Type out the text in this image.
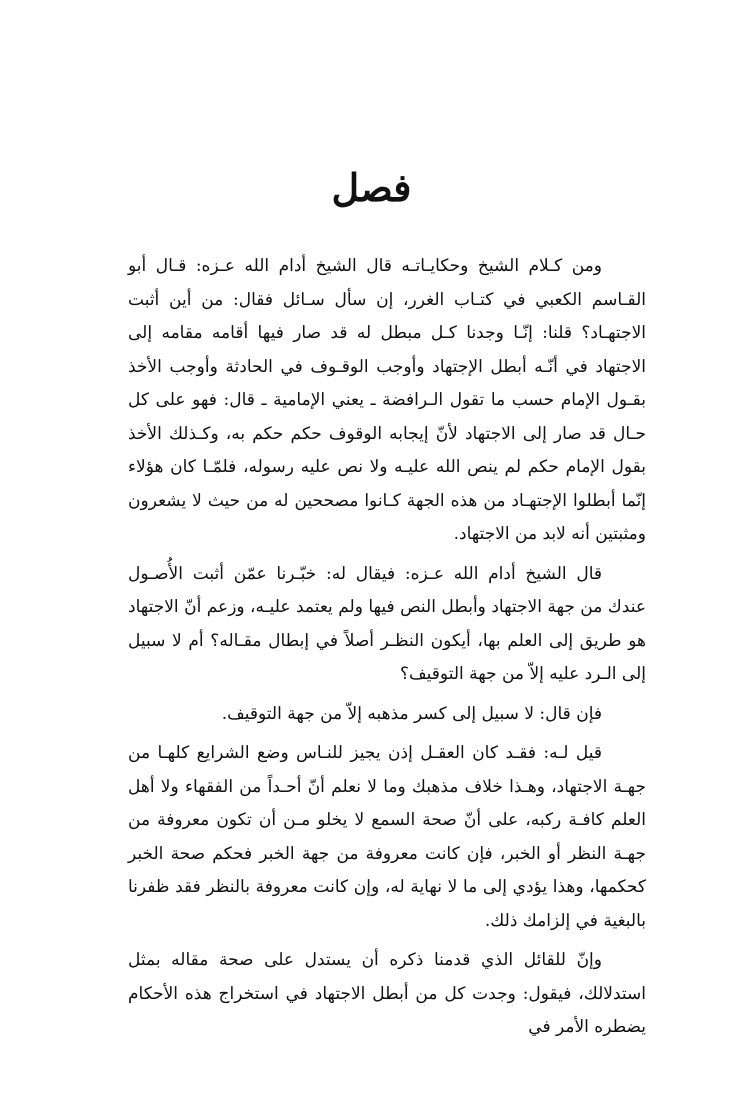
فصل

ومن كـلام الشيخ وحكايـاتـه قال الشيخ أدام الله عـزه: قـال أبو القـاسم الكعبي في كتـاب الغرر، إن سأل سـائل فقال: من أين أثبت الاجتهـاد؟ قلنا: إنّـا وجدنا كـل مبطل له قد صار فيها أقامه مقامه إلى الاجتهاد في أنّـه أبطل الإجتهاد وأوجب الوقـوف في الحادثة وأوجب الأخذ بقـول الإمام حسب ما تقول الـرافضة ـ يعني الإمامية ـ قال: فهو على كل حـال قد صار إلى الاجتهاد لأنّ إيجابه الوقوف حكم حكم به، وكـذلك الأخذ بقول الإمام حكم لم ينص الله عليـه ولا نص عليه رسوله، فلمّـا كان هؤلاء إنّما أبطلوا الإجتهـاد من هذه الجهة كـانوا مصححين له من حيث لا يشعرون ومثبتين أنه لابد من الاجتهاد.

قال الشيخ أدام الله عـزه: فيقال له: خبّـرنا عمّن أثبت الأُصـول عندك من جهة الاجتهاد وأبطل النص فيها ولم يعتمد عليـه، وزعم أنّ الاجتهاد هو طريق إلى العلم بها، أيكون النظـر أصلاً في إبطال مقـاله؟ أم لا سبيل إلى الـرد عليه إلاّ من جهة التوقيف؟

فإن قال: لا سبيل إلى كسر مذهبه إلاّ من جهة التوقيف.

قيل لـه: فقـد كان العقـل إذن يجيز للنـاس وضع الشرايع كلهـا من جهـة الاجتهاد، وهـذا خلاف مذهبك وما لا نعلم أنّ أحـداً من الفقهاء ولا أهل العلم كافـة ركبه، على أنّ صحة السمع لا يخلو مـن أن تكون معروفة من جهـة النظر أو الخبر، فإن كانت معروفة من جهة الخبر فحكم صحة الخبر كحكمها، وهذا يؤدي إلى ما لا نهاية له، وإن كانت معروفة بالنظر فقد ظفرنا بالبغية في إلزامك ذلك.

وإنّ للقائل الذي قدمنا ذكره أن يستدل على صحة مقاله بمثل استدلالك، فيقول: وجدت كل من أبطل الاجتهاد في استخراج هذه الأحكام يضطره الأمر في
